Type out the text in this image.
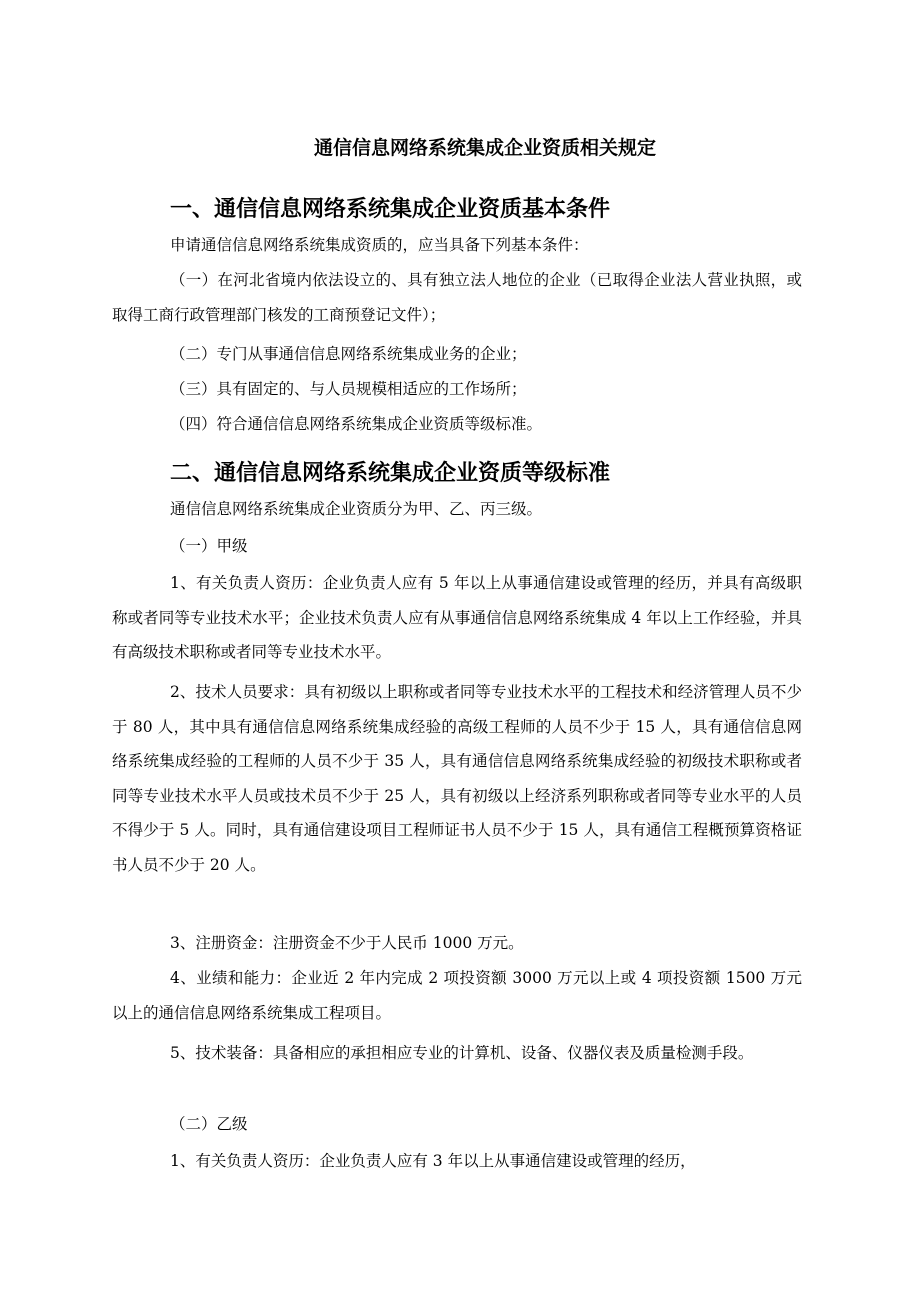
通信信息网络系统集成企业资质相关规定
一、通信信息网络系统集成企业资质基本条件

申请通信信息网络系统集成资质的，应当具备下列基本条件：

（一）在河北省境内依法设立的、具有独立法人地位的企业（已取得企业法人营业执照，或取得工商行政管理部门核发的工商预登记文件）；

（二）专门从事通信信息网络系统集成业务的企业；

（三）具有固定的、与人员规模相适应的工作场所；

（四）符合通信信息网络系统集成企业资质等级标准。

二、通信信息网络系统集成企业资质等级标准

通信信息网络系统集成企业资质分为甲、乙、丙三级。

（一）甲级

1、有关负责人资历：企业负责人应有 5 年以上从事通信建设或管理的经历，并具有高级职称或者同等专业技术水平；企业技术负责人应有从事通信信息网络系统集成 4 年以上工作经验，并具有高级技术职称或者同等专业技术水平。

2、技术人员要求：具有初级以上职称或者同等专业技术水平的工程技术和经济管理人员不少于 80 人，其中具有通信信息网络系统集成经验的高级工程师的人员不少于 15 人，具有通信信息网络系统集成经验的工程师的人员不少于 35 人，具有通信信息网络系统集成经验的初级技术职称或者同等专业技术水平人员或技术员不少于 25 人，具有初级以上经济系列职称或者同等专业水平的人员不得少于 5 人。同时，具有通信建设项目工程师证书人员不少于 15 人，具有通信工程概预算资格证书人员不少于 20 人。

3、注册资金：注册资金不少于人民币 1000 万元。

4、业绩和能力：企业近 2 年内完成 2 项投资额 3000 万元以上或 4 项投资额 1500 万元以上的通信信息网络系统集成工程项目。

5、技术装备：具备相应的承担相应专业的计算机、设备、仪器仪表及质量检测手段。

（二）乙级

1、有关负责人资历：企业负责人应有 3 年以上从事通信建设或管理的经历，
